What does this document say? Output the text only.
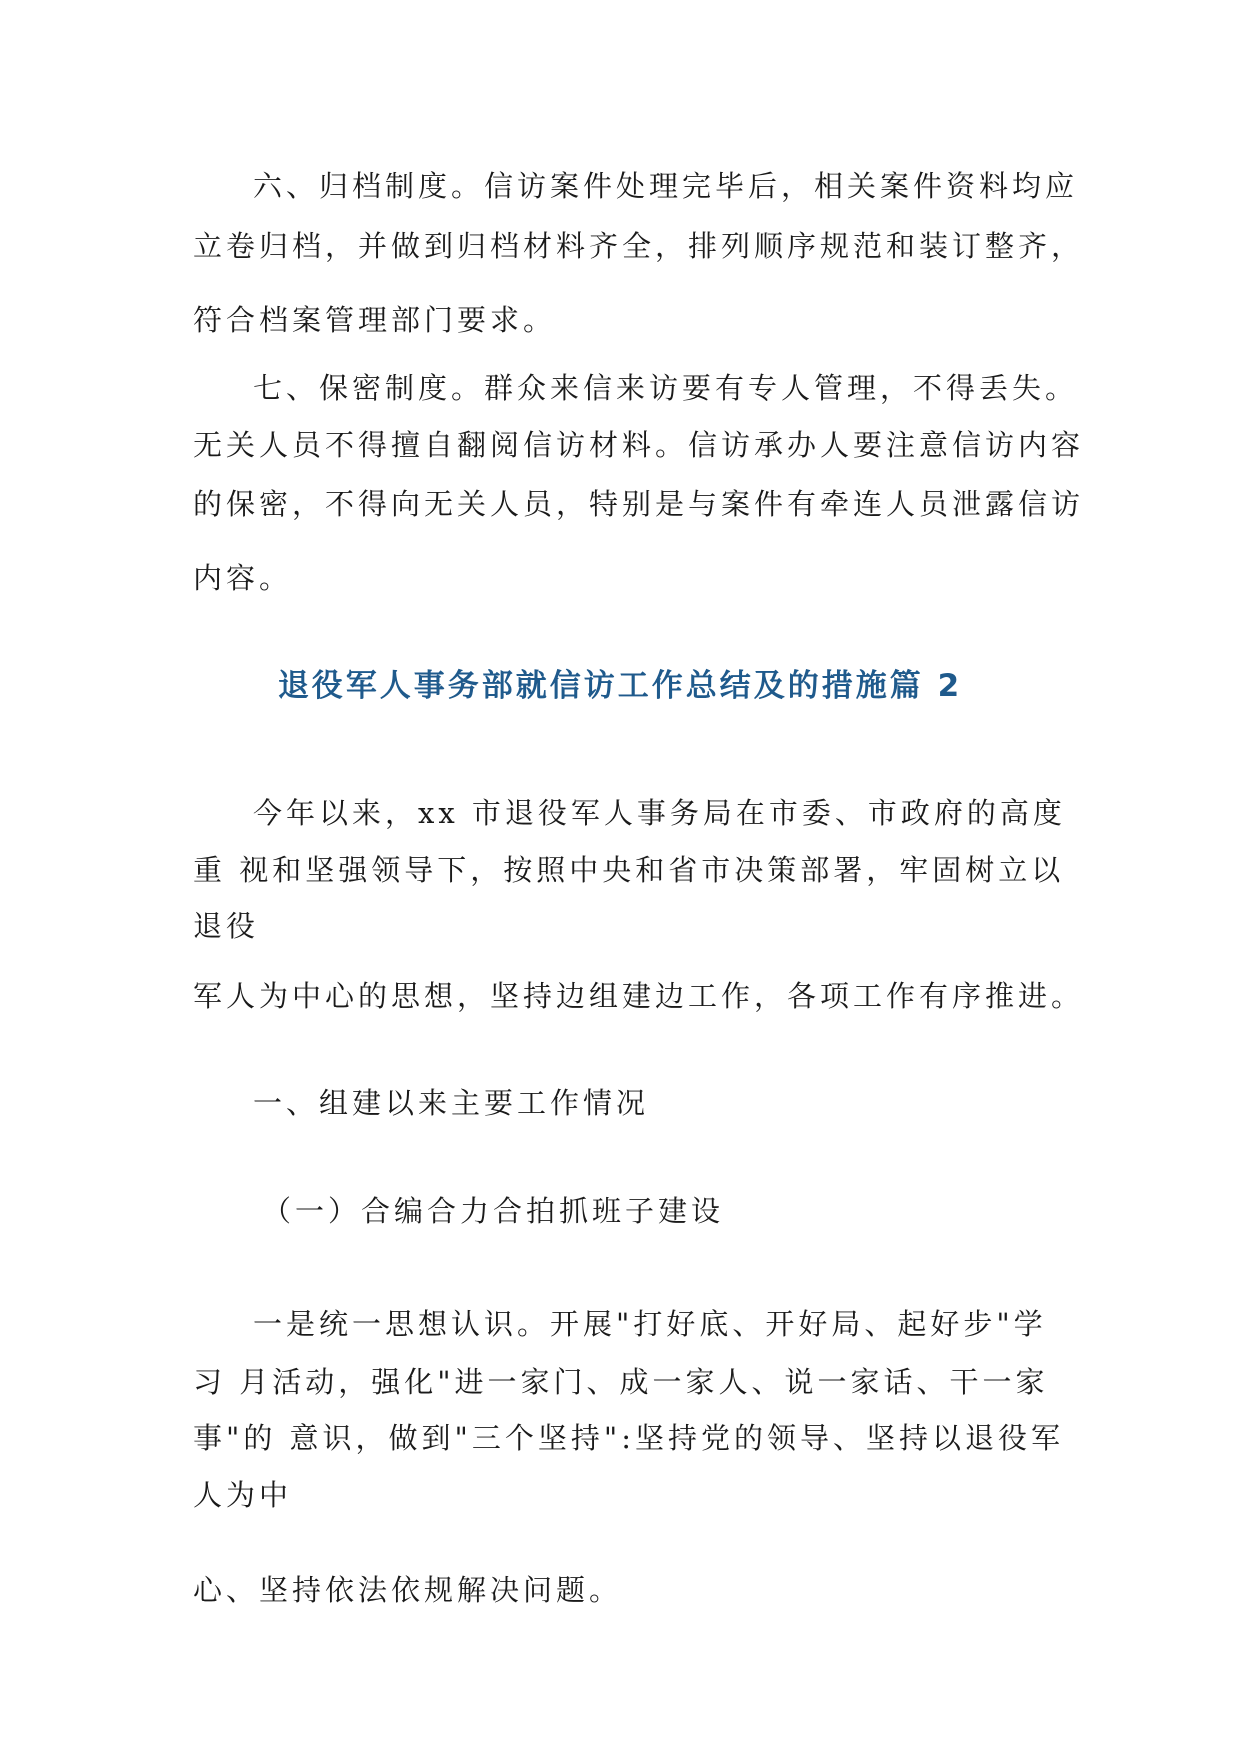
六、归档制度。信访案件处理完毕后，相关案件资料均应
立卷归档，并做到归档材料齐全，排列顺序规范和装订整齐，
符合档案管理部门要求。
七、保密制度。群众来信来访要有专人管理，不得丢失。
无关人员不得擅自翻阅信访材料。信访承办人要注意信访内容
的保密，不得向无关人员，特别是与案件有牵连人员泄露信访
内容。
退役军人事务部就信访工作总结及的措施篇 2
今年以来，xx 市退役军人事务局在市委、市政府的高度
重 视和坚强领导下，按照中央和省市决策部署，牢固树立以
退役
军人为中心的思想，坚持边组建边工作，各项工作有序推进。
一、组建以来主要工作情况
（一）合编合力合拍抓班子建设
一是统一思想认识。开展"打好底、开好局、起好步"学
习 月活动，强化"进一家门、成一家人、说一家话、干一家
事"的 意识，做到"三个坚持":坚持党的领导、坚持以退役军
人为中
心、坚持依法依规解决问题。
